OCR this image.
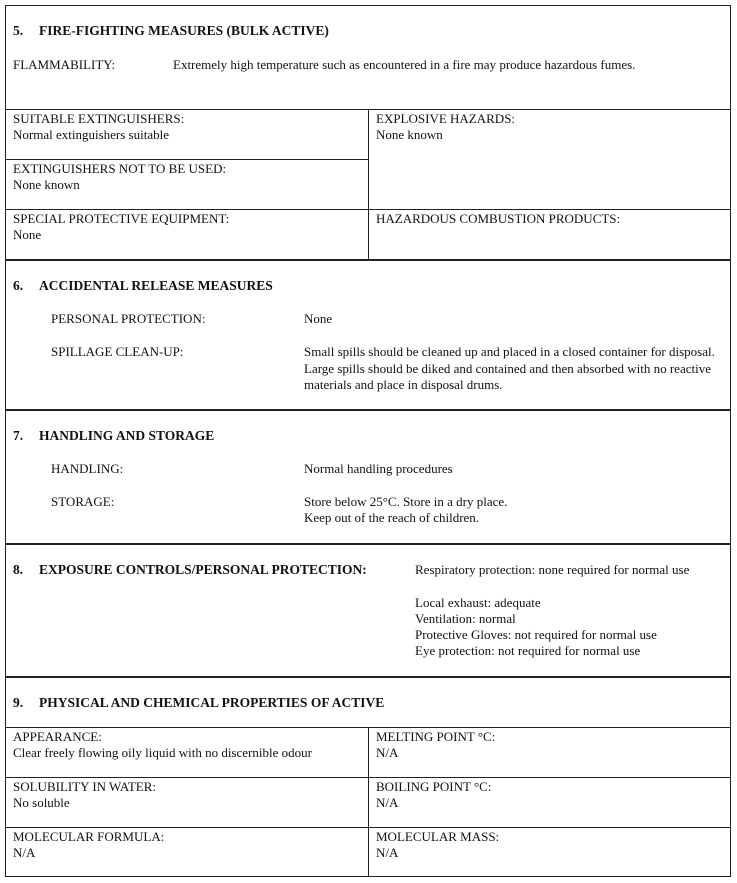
5. FIRE-FIGHTING MEASURES (BULK ACTIVE)
FLAMMABILITY:	Extremely high temperature such as encountered in a fire may produce hazardous fumes.
SUITABLE EXTINGUISHERS:
Normal extinguishers suitable
EXPLOSIVE HAZARDS:
None known
EXTINGUISHERS NOT TO BE USED:
None known
SPECIAL PROTECTIVE EQUIPMENT:
None
HAZARDOUS COMBUSTION PRODUCTS:
6. ACCIDENTAL RELEASE MEASURES
PERSONAL PROTECTION:	None
SPILLAGE CLEAN-UP:	Small spills should be cleaned up and placed in a closed container for disposal. Large spills should be diked and contained and then absorbed with no reactive materials and place in disposal drums.
7. HANDLING AND STORAGE
HANDLING:	Normal handling procedures
STORAGE:	Store below 25°C. Store in a dry place.
Keep out of the reach of children.
8. EXPOSURE CONTROLS/PERSONAL PROTECTION:	Respiratory protection: none required for normal use
Local exhaust: adequate
Ventilation: normal
Protective Gloves: not required for normal use
Eye protection: not required for normal use
9. PHYSICAL AND CHEMICAL PROPERTIES OF ACTIVE
APPEARANCE:
Clear freely flowing oily liquid with no discernible odour
MELTING POINT °C:
N/A
SOLUBILITY IN WATER:
No soluble
BOILING POINT °C:
N/A
MOLECULAR FORMULA:
N/A
MOLECULAR MASS:
N/A
